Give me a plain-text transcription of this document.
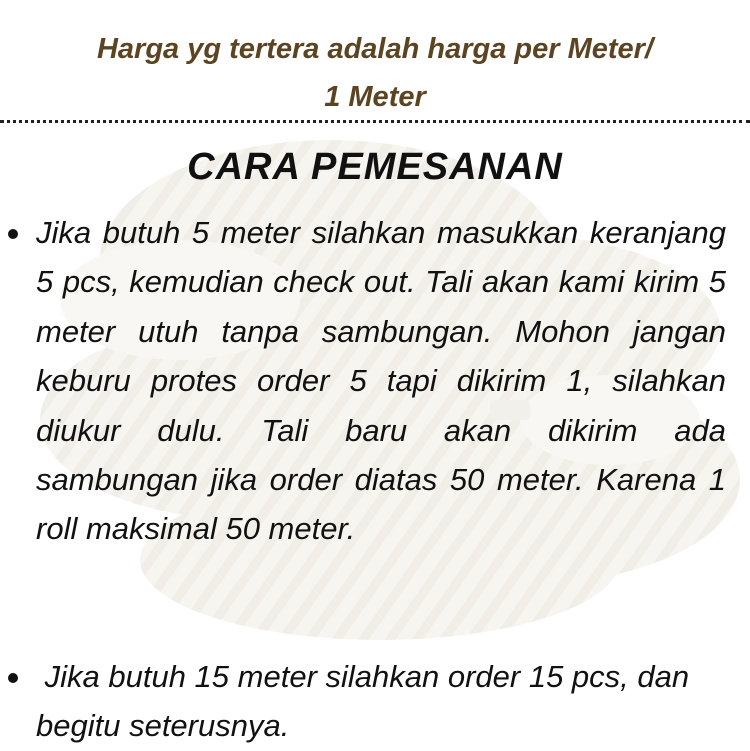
Harga yg tertera adalah harga per Meter/
1 Meter
CARA PEMESANAN
Jika butuh 5 meter silahkan masukkan keranjang 5 pcs, kemudian check out. Tali akan kami kirim 5 meter utuh tanpa sambungan. Mohon jangan keburu protes order 5 tapi dikirim 1, silahkan diukur dulu. Tali baru akan dikirim ada sambungan jika order diatas 50 meter. Karena 1 roll maksimal 50 meter.
Jika butuh 15 meter silahkan order 15 pcs, dan begitu seterusnya.
